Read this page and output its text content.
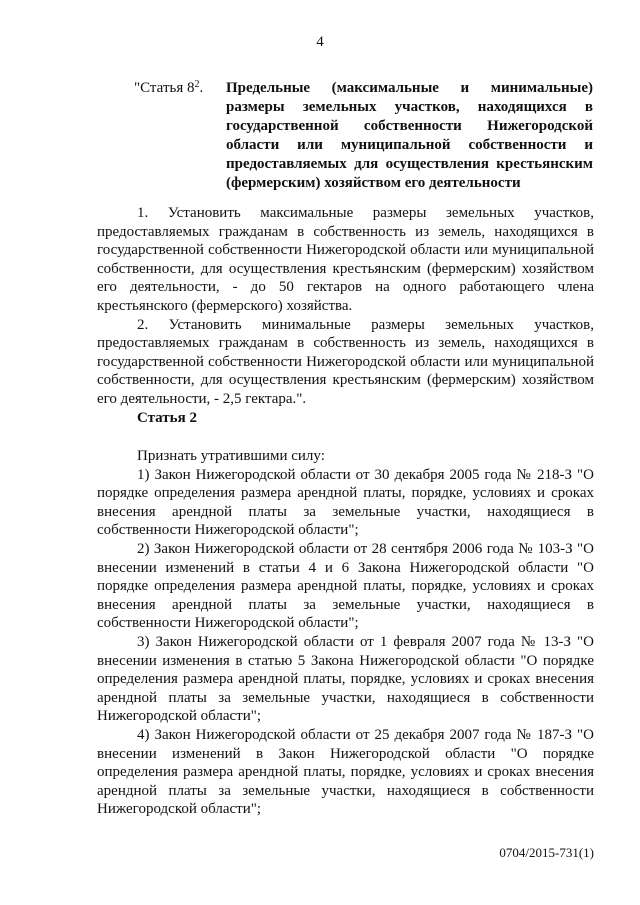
4
"Статья $8^2$. Предельные (максимальные и минимальные) размеры земельных участков, находящихся в государственной собственности Нижегородской области или муниципальной собственности и предоставляемых для осуществления крестьянским (фермерским) хозяйством его деятельности

1. Установить максимальные размеры земельных участков, предоставляемых гражданам в собственность из земель, находящихся в государственной собственности Нижегородской области или муниципальной собственности, для осуществления крестьянским (фермерским) хозяйством его деятельности, - до 50 гектаров на одного работающего члена крестьянского (фермерского) хозяйства.

2. Установить минимальные размеры земельных участков, предоставляемых гражданам в собственность из земель, находящихся в государственной собственности Нижегородской области или муниципальной собственности, для осуществления крестьянским (фермерским) хозяйством его деятельности, - 2,5 гектара.".

Статья 2

Признать утратившими силу:

1) Закон Нижегородской области от 30 декабря 2005 года № 218-З "О порядке определения размера арендной платы, порядке, условиях и сроках внесения арендной платы за земельные участки, находящиеся в собственности Нижегородской области";

2) Закон Нижегородской области от 28 сентября 2006 года № 103-З "О внесении изменений в статьи 4 и 6 Закона Нижегородской области "О порядке определения размера арендной платы, порядке, условиях и сроках внесения арендной платы за земельные участки, находящиеся в собственности Нижегородской области";

3) Закон Нижегородской области от 1 февраля 2007 года № 13-З "О внесении изменения в статью 5 Закона Нижегородской области "О порядке определения размера арендной платы, порядке, условиях и сроках внесения арендной платы за земельные участки, находящиеся в собственности Нижегородской области";

4) Закон Нижегородской области от 25 декабря 2007 года № 187-З "О внесении изменений в Закон Нижегородской области "О порядке определения размера арендной платы, порядке, условиях и сроках внесения арендной платы за земельные участки, находящиеся в собственности Нижегородской области";

0704/2015-731(1)
